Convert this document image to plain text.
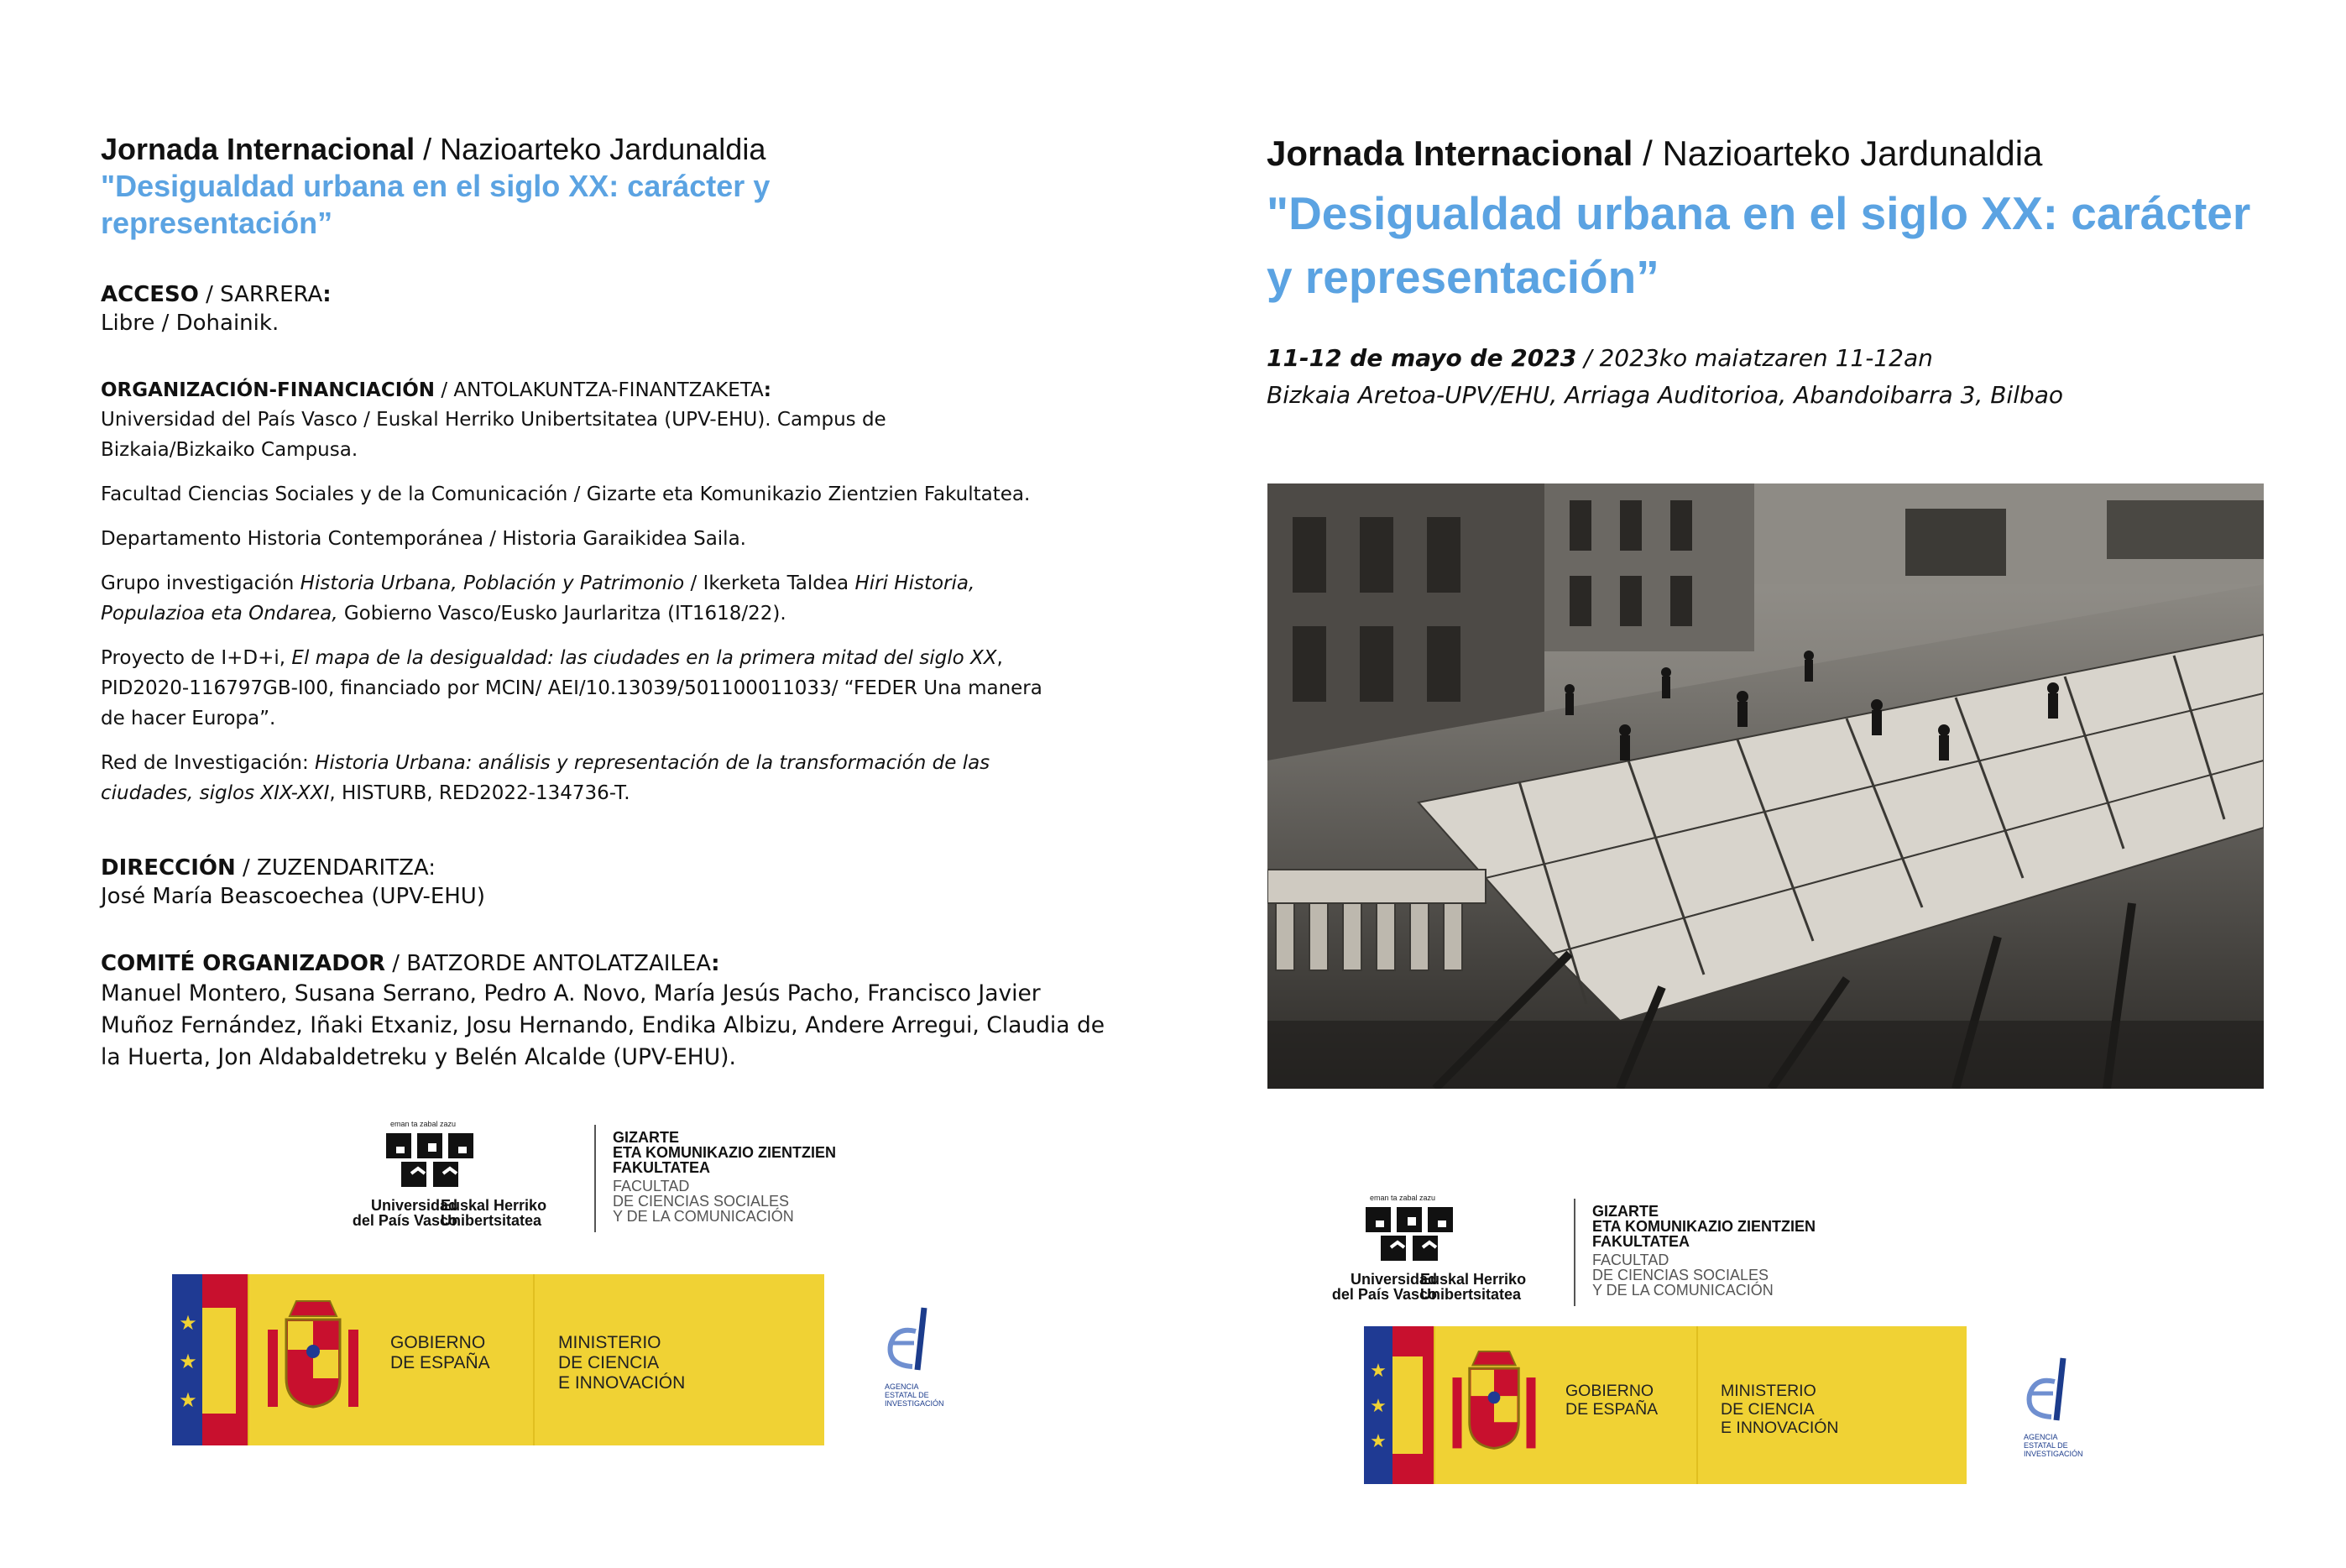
Jornada Internacional / Nazioarteko Jardunaldia
"Desigualdad urbana en el siglo XX: carácter y representación”
ACCESO / SARRERA:
Libre / Dohainik.
ORGANIZACIÓN-FINANCIACIÓN / ANTOLAKUNTZA-FINANTZAKETA:
Universidad del País Vasco / Euskal Herriko Unibertsitatea (UPV-EHU). Campus de Bizkaia/Bizkaiko Campusa.
Facultad Ciencias Sociales y de la Comunicación / Gizarte eta Komunikazio Zientzien Fakultatea.
Departamento Historia Contemporánea / Historia Garaikidea Saila.
Grupo investigación Historia Urbana, Población y Patrimonio / Ikerketa Taldea Hiri Historia, Populazioa eta Ondarea, Gobierno Vasco/Eusko Jaurlaritza (IT1618/22).
Proyecto de I+D+i, El mapa de la desigualdad: las ciudades en la primera mitad del siglo XX, PID2020-116797GB-I00, financiado por MCIN/ AEI/10.13039/501100011033/ “FEDER Una manera de hacer Europa”.
Red de Investigación: Historia Urbana: análisis y representación de la transformación de las ciudades, siglos XIX-XXI, HISTURB, RED2022-134736-T.
DIRECCIÓN / ZUZENDARITZA:
José María Beascoechea (UPV-EHU)
COMITÉ ORGANIZADOR / BATZORDE ANTOLATZAILEA:
Manuel Montero, Susana Serrano, Pedro A. Novo, María Jesús Pacho, Francisco Javier Muñoz Fernández, Iñaki Etxaniz, Josu Hernando, Endika Albizu, Andere Arregui, Claudia de la Huerta, Jon Aldabaldetreku y Belén Alcalde (UPV-EHU).
eman ta zabal zazu
Universidad
del País Vasco
Euskal Herriko
Unibertsitatea
GIZARTE
ETA KOMUNIKAZIO ZIENTZIEN
FAKULTATEA
FACULTAD
DE CIENCIAS SOCIALES
Y DE LA COMUNICACIÓN
★
★
★
GOBIERNO
DE ESPAÑA
MINISTERIO
DE CIENCIA
E INNOVACIÓN	AGENCIA
ESTATAL DE
INVESTIGACIÓN
Jornada Internacional / Nazioarteko Jardunaldia
"Desigualdad urbana en el siglo XX: carácter y representación”
11-12 de mayo de 2023 / 2023ko maiatzaren 11-12an
Bizkaia Aretoa-UPV/EHU, Arriaga Auditorioa, Abandoibarra 3, Bilbao
eman ta zabal zazu
Universidad
del País Vasco
Euskal Herriko
Unibertsitatea
GIZARTE
ETA KOMUNIKAZIO ZIENTZIEN
FAKULTATEA
FACULTAD
DE CIENCIAS SOCIALES
Y DE LA COMUNICACIÓN
★
★
★
GOBIERNO
DE ESPAÑA
MINISTERIO
DE CIENCIA
E INNOVACIÓN	AGENCIA
ESTATAL DE
INVESTIGACIÓN
